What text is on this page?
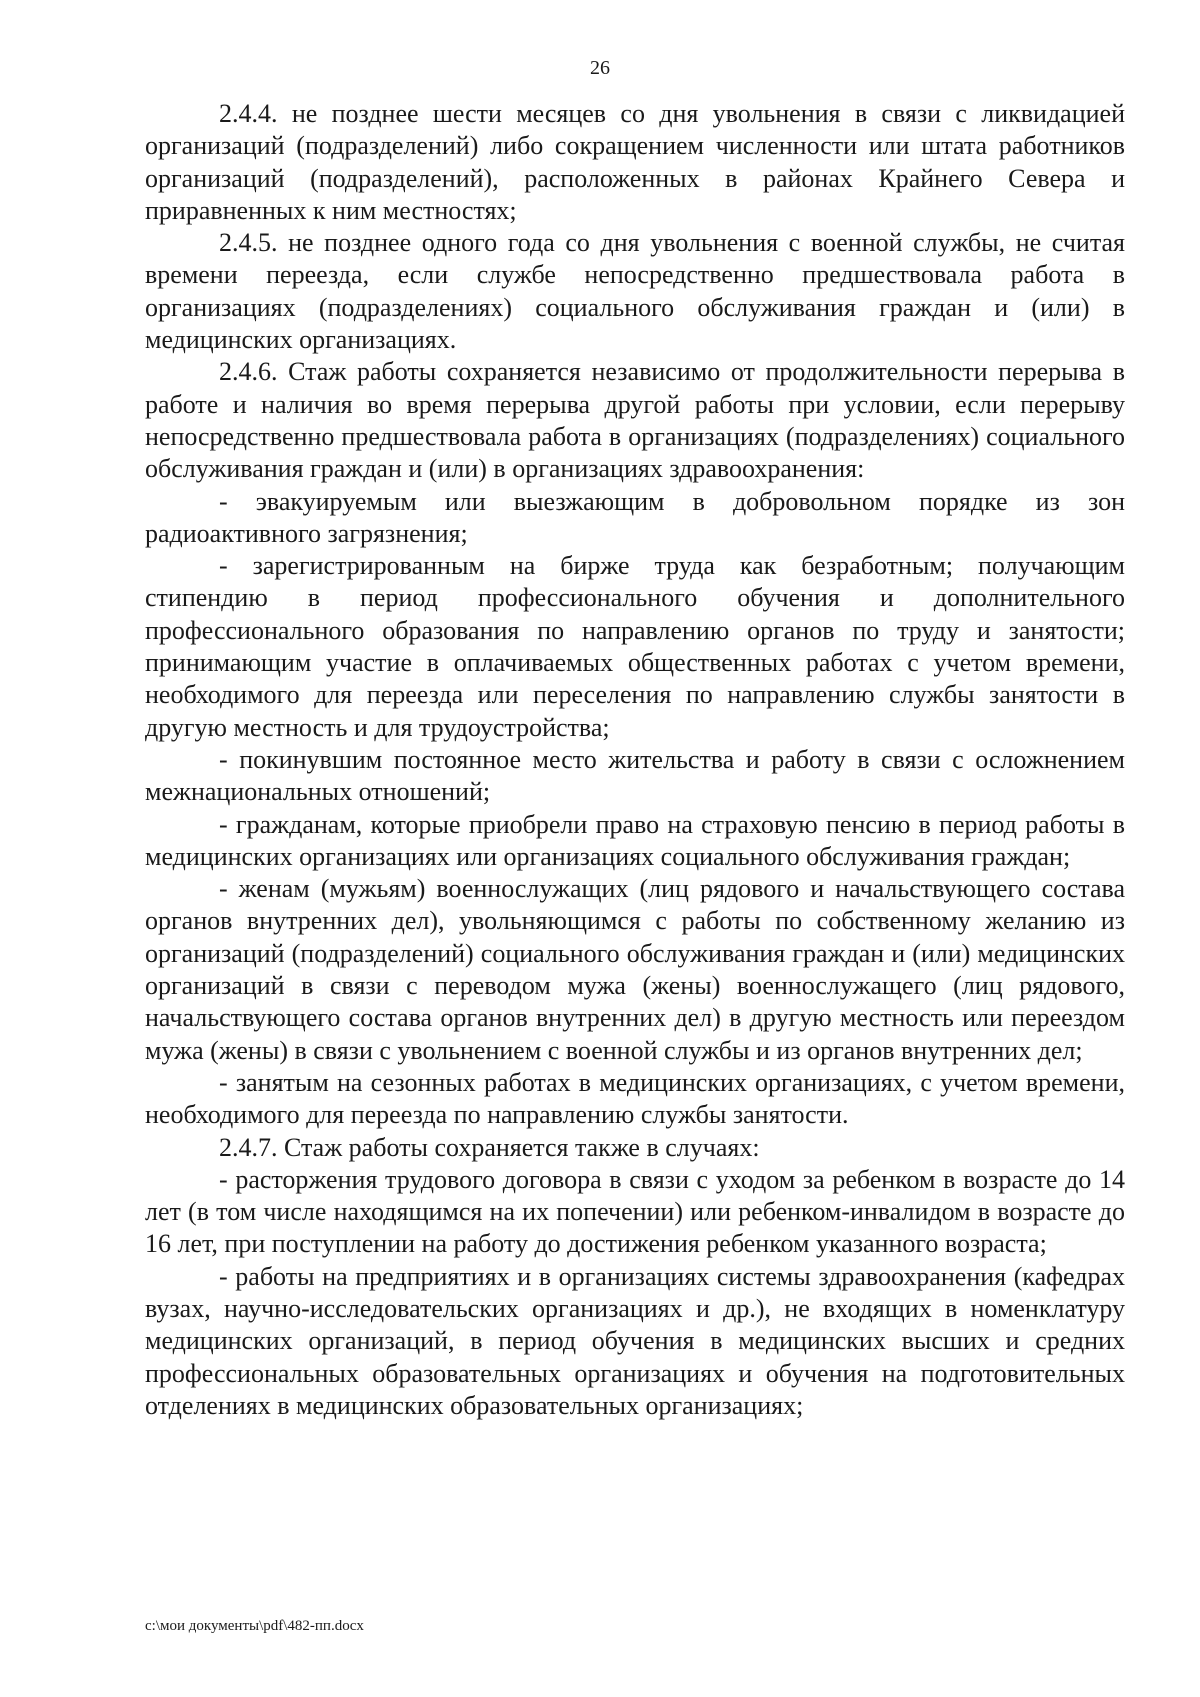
26

2.4.4. не позднее шести месяцев со дня увольнения в связи с ликвидацией организаций (подразделений) либо сокращением численности или штата работников организаций (подразделений), расположенных в районах Крайнего Севера и приравненных к ним местностях;

2.4.5. не позднее одного года со дня увольнения с военной службы, не считая времени переезда, если службе непосредственно предшествовала работа в организациях (подразделениях) социального обслуживания граждан и (или) в медицинских организациях.

2.4.6. Стаж работы сохраняется независимо от продолжительности перерыва в работе и наличия во время перерыва другой работы при условии, если перерыву непосредственно предшествовала работа в организациях (подразделениях) социального обслуживания граждан и (или) в организациях здравоохранения:

- эвакуируемым или выезжающим в добровольном порядке из зон радиоактивного загрязнения;

- зарегистрированным на бирже труда как безработным; получающим стипендию в период профессионального обучения и дополнительного профессионального образования по направлению органов по труду и занятости; принимающим участие в оплачиваемых общественных работах с учетом времени, необходимого для переезда или переселения по направлению службы занятости в другую местность и для трудоустройства;

- покинувшим постоянное место жительства и работу в связи с осложнением межнациональных отношений;

- гражданам, которые приобрели право на страховую пенсию в период работы в медицинских организациях или организациях социального обслуживания граждан;

- женам (мужьям) военнослужащих (лиц рядового и начальствующего состава органов внутренних дел), увольняющимся с работы по собственному желанию из организаций (подразделений) социального обслуживания граждан и (или) медицинских организаций в связи с переводом мужа (жены) военнослужащего (лиц рядового, начальствующего состава органов внутренних дел) в другую местность или переездом мужа (жены) в связи с увольнением с военной службы и из органов внутренних дел;

- занятым на сезонных работах в медицинских организациях, с учетом времени, необходимого для переезда по направлению службы занятости.

2.4.7. Стаж работы сохраняется также в случаях:

- расторжения трудового договора в связи с уходом за ребенком в возрасте до 14 лет (в том числе находящимся на их попечении) или ребенком-инвалидом в возрасте до 16 лет, при поступлении на работу до достижения ребенком указанного возраста;

- работы на предприятиях и в организациях системы здравоохранения (кафедрах вузах, научно-исследовательских организациях и др.), не входящих в номенклатуру медицинских организаций, в период обучения в медицинских высших и средних профессиональных образовательных организациях и обучения на подготовительных отделениях в медицинских образовательных организациях;

c:\мои документы\pdf\482-пп.docx
